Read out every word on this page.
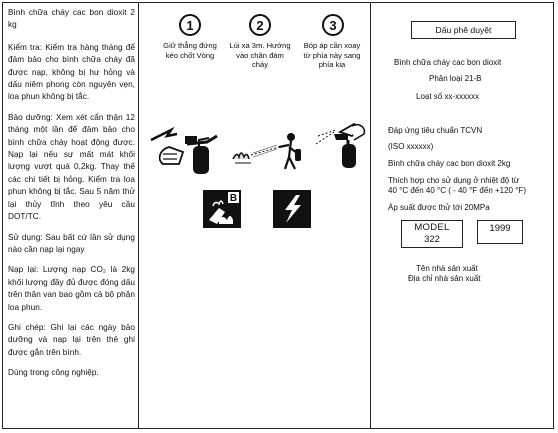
Bình chữa cháy cac bon dioxit 2 kg

Kiểm tra: Kiểm tra hàng tháng để đảm bảo cho bình chữa cháy đã được nạp, không bị hư hỏng và dấu niêm phong còn nguyên vẹn, loa phun không bị tắc.

Bảo dưỡng: Xem xét cẩn thận 12 tháng một lần để đảm bảo cho bình chữa cháy hoạt động được. Nạp lại nếu sự mất mát khối lượng vượt quá 0,2kg. Thay thế các chi tiết bị hỏng. Kiểm tra loa phun không bị tắc. Sau 5 năm thử lại thủy tĩnh theo yêu cầu DOT/TC.

Sử dụng: Sau bất cứ lần sử dụng nào cần nạp lại ngay

Nạp lại: Lượng nạp CO₂ là 2kg khối lượng đầy đủ được đóng dấu trên thân van bao gồm cả bộ phận loa phun.

Ghi chép: Ghi lại các ngày bảo dưỡng và nạp lại trên thẻ ghi được gắn trên bình.

Dùng trong công nghiệp.

1	2	3
Giữ thẳng đứng kéo chốt Vòng
Lùi xa 3m. Hướng vào chân đám cháy
Bóp áp cần xoay từ phía này sang phía kia
B
Dấu phê duyệt
Bình chữa cháy cac bon dioxit
Phân loại 21-B
Loạt số xx-xxxxxx
Đáp ứng tiêu chuẩn TCVN
(ISO xxxxxx)
Bình chữa cháy cac bon dioxit 2kg
Thích hợp cho sử dụng ở nhiệt độ từ
40 °C đến 40 °C ( - 40 °F đến +120 °F)
Áp suất được thử tới 20MPa
MODEL
322
1999
Tên nhà sản xuất
Địa chỉ nhà sản xuất
